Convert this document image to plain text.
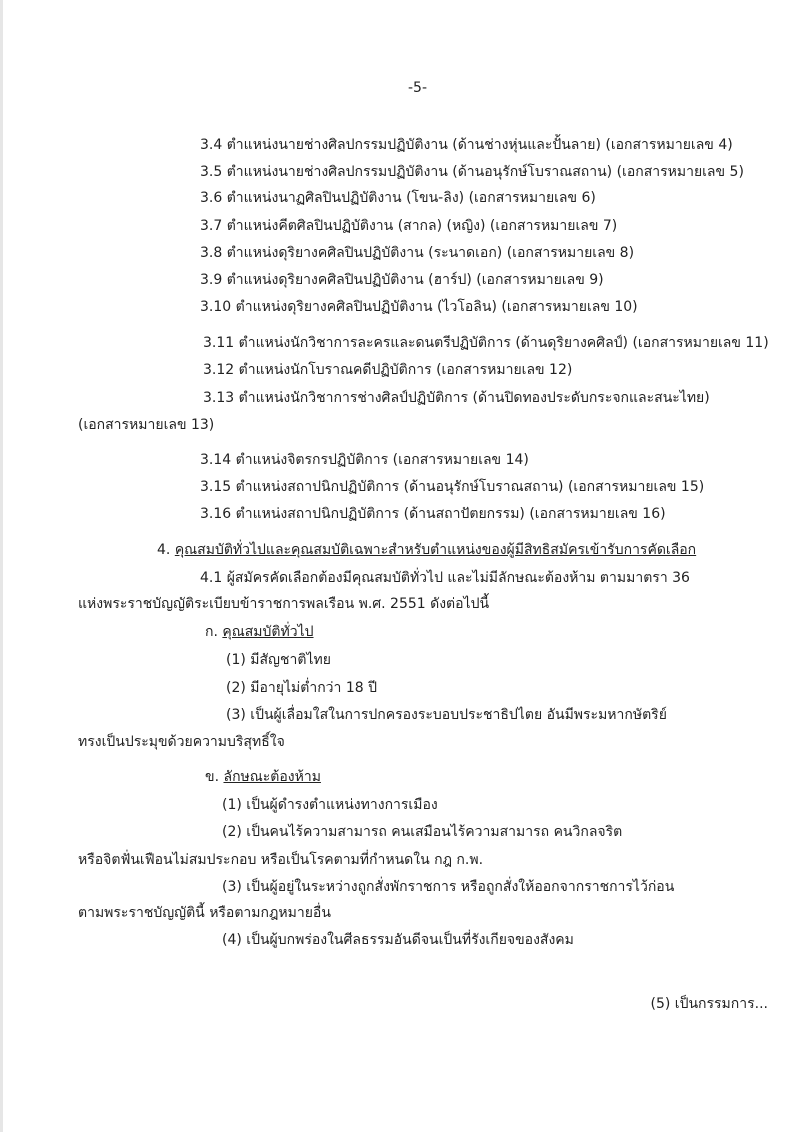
-5-
3.4 ตำแหน่งนายช่างศิลปกรรมปฏิบัติงาน (ด้านช่างหุ่นและปั้นลาย) (เอกสารหมายเลข 4)
3.5 ตำแหน่งนายช่างศิลปกรรมปฏิบัติงาน (ด้านอนุรักษ์โบราณสถาน) (เอกสารหมายเลข 5)
3.6 ตำแหน่งนาฏศิลปินปฏิบัติงาน (โขน-ลิง) (เอกสารหมายเลข 6)
3.7 ตำแหน่งคีตศิลปินปฏิบัติงาน (สากล) (หญิง) (เอกสารหมายเลข 7)
3.8 ตำแหน่งดุริยางคศิลปินปฏิบัติงาน (ระนาดเอก) (เอกสารหมายเลข 8)
3.9 ตำแหน่งดุริยางคศิลปินปฏิบัติงาน (ฮาร์ป) (เอกสารหมายเลข 9)
3.10 ตำแหน่งดุริยางคศิลปินปฏิบัติงาน (ไวโอลิน) (เอกสารหมายเลข 10)
3.11 ตำแหน่งนักวิชาการละครและดนตรีปฏิบัติการ (ด้านดุริยางคศิลป์) (เอกสารหมายเลข 11)
3.12 ตำแหน่งนักโบราณคดีปฏิบัติการ (เอกสารหมายเลข 12)
3.13 ตำแหน่งนักวิชาการช่างศิลป์ปฏิบัติการ (ด้านปิดทองประดับกระจกและสนะไทย)
(เอกสารหมายเลข 13)
3.14 ตำแหน่งจิตรกรปฏิบัติการ (เอกสารหมายเลข 14)
3.15 ตำแหน่งสถาปนิกปฏิบัติการ (ด้านอนุรักษ์โบราณสถาน) (เอกสารหมายเลข 15)
3.16 ตำแหน่งสถาปนิกปฏิบัติการ (ด้านสถาปัตยกรรม) (เอกสารหมายเลข 16)
4. คุณสมบัติทั่วไปและคุณสมบัติเฉพาะสำหรับตำแหน่งของผู้มีสิทธิสมัครเข้ารับการคัดเลือก
4.1 ผู้สมัครคัดเลือกต้องมีคุณสมบัติทั่วไป และไม่มีลักษณะต้องห้าม ตามมาตรา 36
แห่งพระราชบัญญัติระเบียบข้าราชการพลเรือน พ.ศ. 2551 ดังต่อไปนี้
ก. คุณสมบัติทั่วไป
(1) มีสัญชาติไทย
(2) มีอายุไม่ต่ำกว่า 18 ปี
(3) เป็นผู้เลื่อมใสในการปกครองระบอบประชาธิปไตย อันมีพระมหากษัตริย์
ทรงเป็นประมุขด้วยความบริสุทธิ์ใจ
ข. ลักษณะต้องห้าม
(1) เป็นผู้ดำรงตำแหน่งทางการเมือง
(2) เป็นคนไร้ความสามารถ คนเสมือนไร้ความสามารถ คนวิกลจริต
หรือจิตฟั่นเฟือนไม่สมประกอบ หรือเป็นโรคตามที่กำหนดใน กฎ ก.พ.
(3) เป็นผู้อยู่ในระหว่างถูกสั่งพักราชการ หรือถูกสั่งให้ออกจากราชการไว้ก่อน
ตามพระราชบัญญัตินี้ หรือตามกฎหมายอื่น
(4) เป็นผู้บกพร่องในศีลธรรมอันดีจนเป็นที่รังเกียจของสังคม
(5) เป็นกรรมการ...
